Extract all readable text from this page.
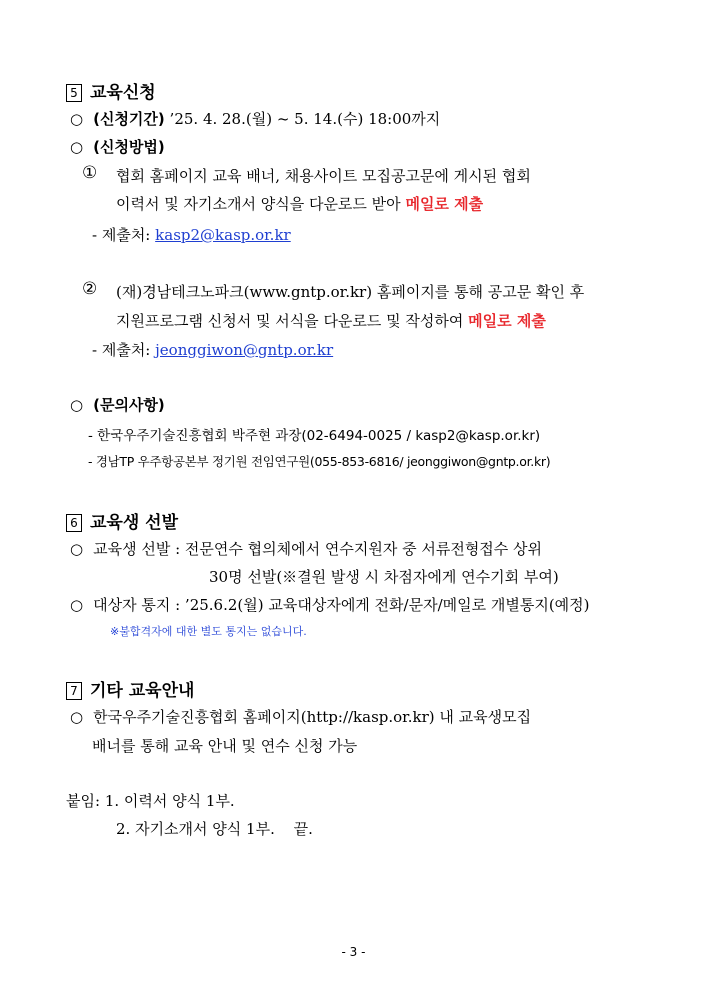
5 교육신청
○ (신청기간) ’25. 4. 28.(월) ~ 5. 14.(수) 18:00까지
○ (신청방법)
① 협회 홈페이지 교육 배너, 채용사이트 모집공고문에 게시된 협회
이력서 및 자기소개서 양식을 다운로드 받아 메일로 제출
- 제출처: kasp2@kasp.or.kr
② (재)경남테크노파크(www.gntp.or.kr) 홈페이지를 통해 공고문 확인 후
지원프로그램 신청서 및 서식을 다운로드 및 작성하여 메일로 제출
- 제출처: jeonggiwon@gntp.or.kr
○ (문의사항)
- 한국우주기술진흥협회 박주현 과장(02-6494-0025 / kasp2@kasp.or.kr)
- 경남TP 우주항공본부 정기원 전임연구원(055-853-6816/ jeonggiwon@gntp.or.kr)
6 교육생 선발
○ 교육생 선발 : 전문연수 협의체에서 연수지원자 중 서류전형접수 상위
30명 선발(※결원 발생 시 차점자에게 연수기회 부여)
○ 대상자 통지 : ’25.6.2(월) 교육대상자에게 전화/문자/메일로 개별통지(예정)
※불합격자에 대한 별도 통지는 없습니다.
7 기타 교육안내
○ 한국우주기술진흥협회 홈페이지(http://kasp.or.kr) 내 교육생모집
배너를 통해 교육 안내 및 연수 신청 가능
붙임: 1. 이력서 양식 1부.
2. 자기소개서 양식 1부. 끝.
- 3 -
